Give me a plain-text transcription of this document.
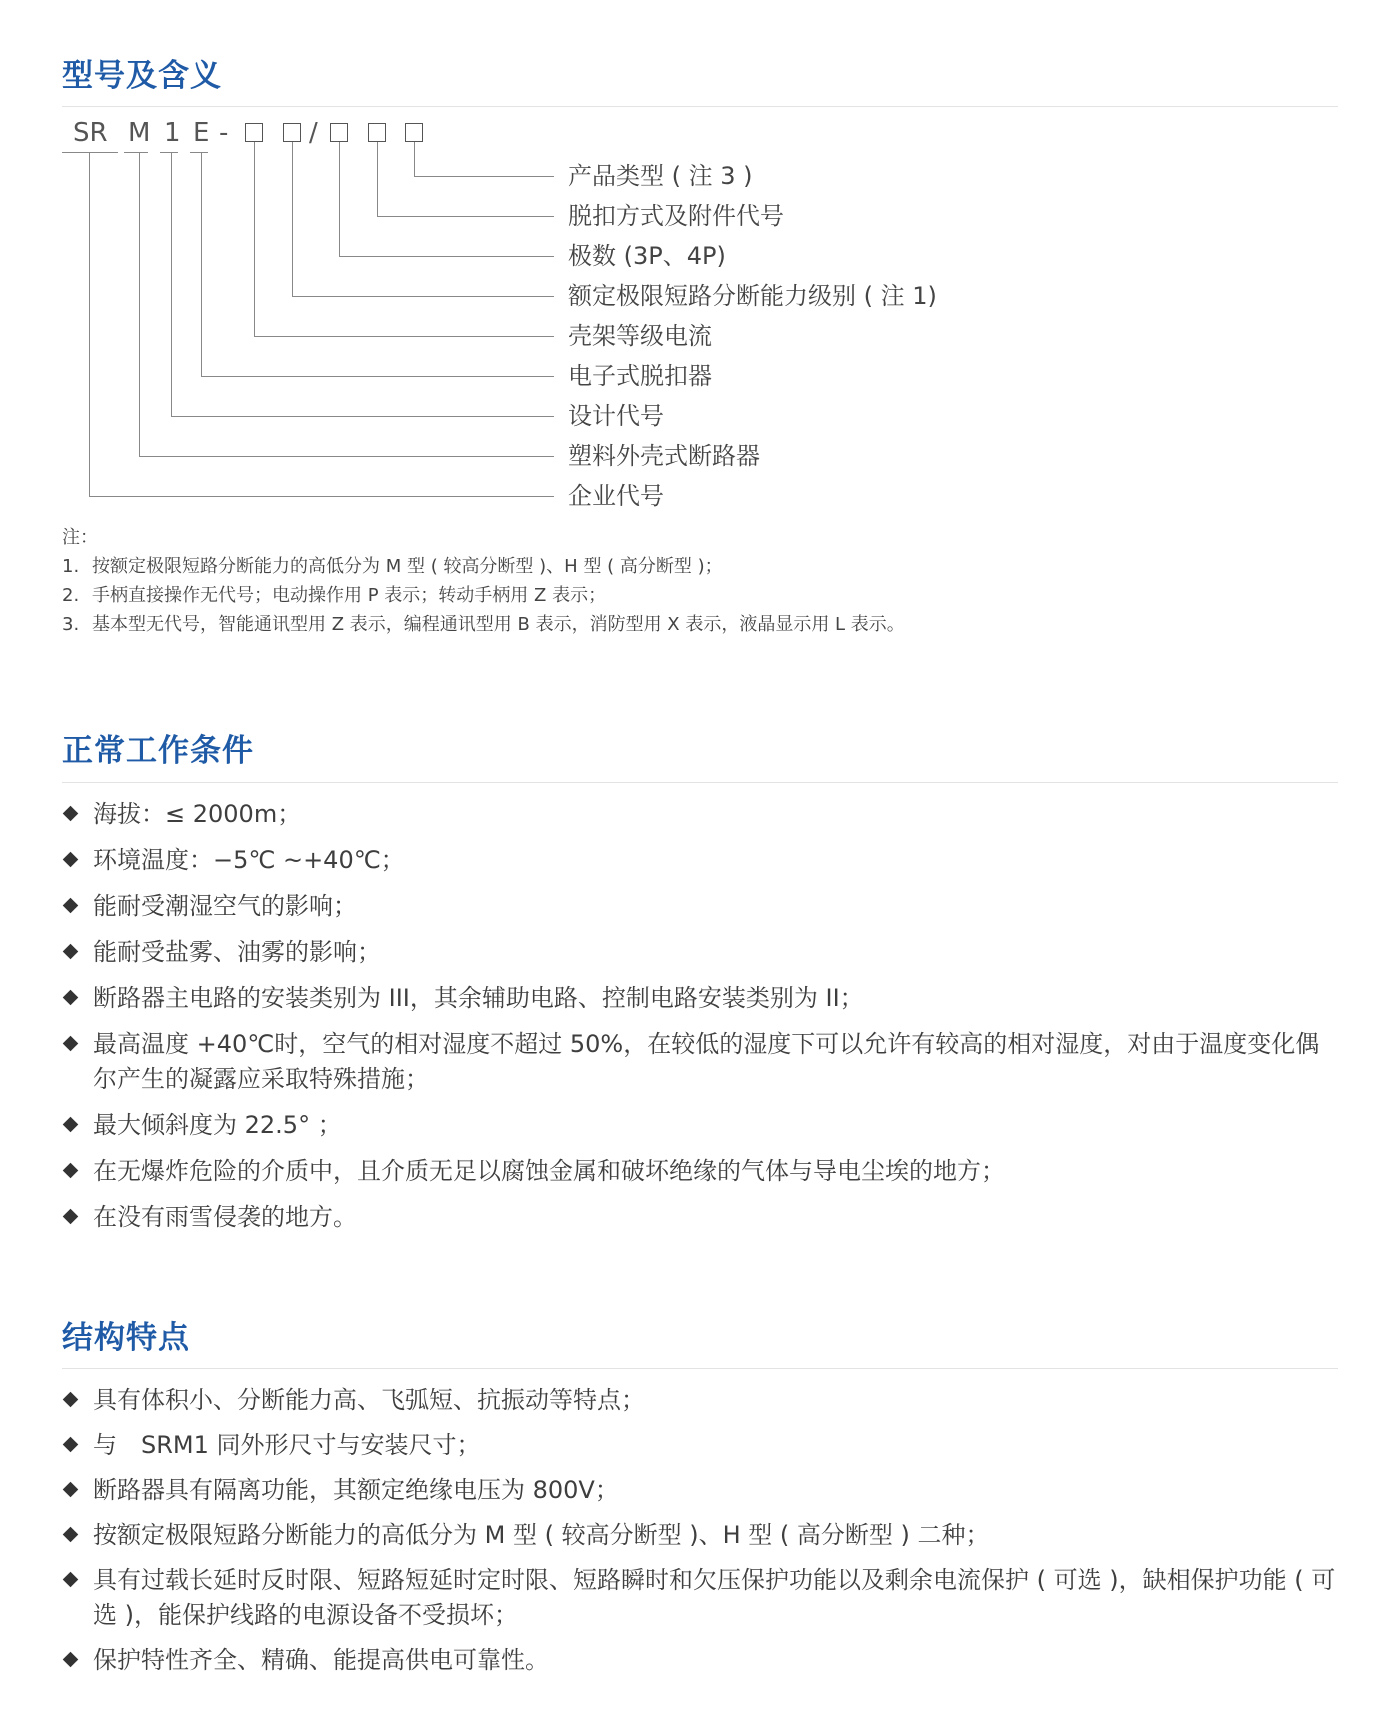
型号及含义
SR M 1 E -	/
产品类型 ( 注 3 )
脱扣方式及附件代号
极数 (3P、4P)
额定极限短路分断能力级别 ( 注 1)
壳架等级电流
电子式脱扣器
设计代号
塑料外壳式断路器
企业代号
注：
1. 按额定极限短路分断能力的高低分为 M 型 ( 较高分断型 )、H 型 ( 高分断型 )；
2. 手柄直接操作无代号；电动操作用 P 表示；转动手柄用 Z 表示；
3. 基本型无代号，智能通讯型用 Z 表示，编程通讯型用 B 表示，消防型用 X 表示，液晶显示用 L 表示。
正常工作条件
海拔：≤ 2000m；
环境温度：−5℃ ~+40℃；
能耐受潮湿空气的影响；
能耐受盐雾、油雾的影响；
断路器主电路的安装类别为 III，其余辅助电路、控制电路安装类别为 II；
最高温度 +40℃时，空气的相对湿度不超过 50%，在较低的湿度下可以允许有较高的相对湿度，对由于温度变化偶尔产生的凝露应采取特殊措施；
最大倾斜度为 22.5° ；
在无爆炸危险的介质中，且介质无足以腐蚀金属和破坏绝缘的气体与导电尘埃的地方；
在没有雨雪侵袭的地方。
结构特点
具有体积小、分断能力高、飞弧短、抗振动等特点；
与　SRM1 同外形尺寸与安装尺寸；
断路器具有隔离功能，其额定绝缘电压为 800V；
按额定极限短路分断能力的高低分为 M 型 ( 较高分断型 )、H 型 ( 高分断型 ) 二种；
具有过载长延时反时限、短路短延时定时限、短路瞬时和欠压保护功能以及剩余电流保护 ( 可选 )，缺相保护功能 ( 可选 )，能保护线路的电源设备不受损坏；
保护特性齐全、精确、能提高供电可靠性。
